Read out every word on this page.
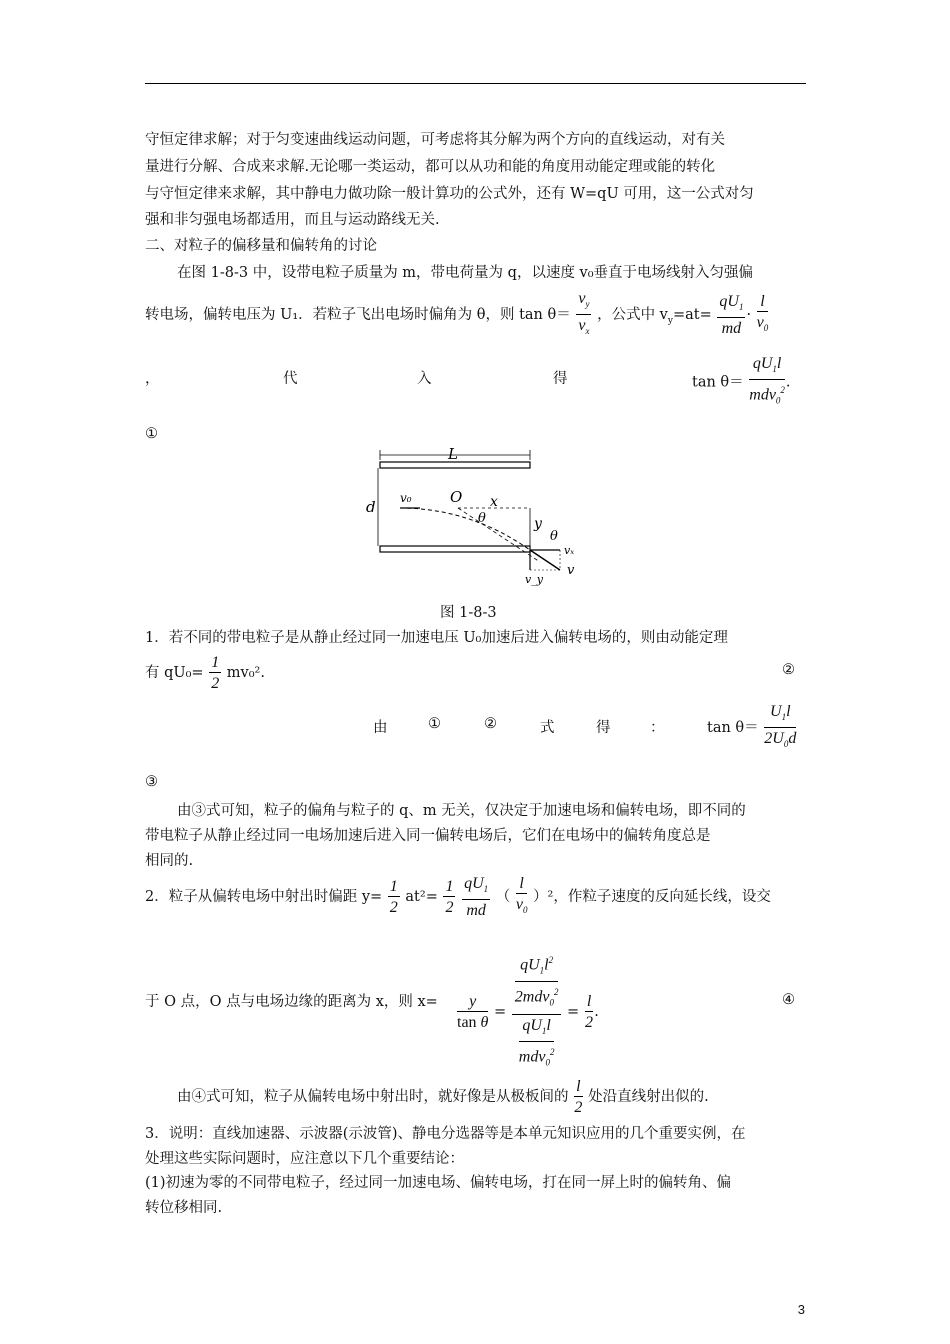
守恒定律求解；对于匀变速曲线运动问题，可考虑将其分解为两个方向的直线运动，对有关
量进行分解、合成来求解.无论哪一类运动，都可以从功和能的角度用动能定理或能的转化
与守恒定律来求解，其中静电力做功除一般计算功的公式外，还有 W=qU 可用，这一公式对匀
强和非匀强电场都适用，而且与运动路线无关.
二、对粒子的偏移量和偏转角的讨论
在图 1-8-3 中，设带电粒子质量为 m，带电荷量为 q，以速度 v₀垂直于电场线射入匀强偏
转电场，偏转电压为 U₁．若粒子飞出电场时偏角为 θ，则 $\tan \theta= \frac{v_y}{v_x}$ ，公式中 $v_y=at= \frac{qU_1}{md} \cdot \frac{l}{v_0}$
，	代	入	得	tan θ＝
$qU_1l$
mdv$_0^2$ .
①
L
d v₀	O x
θ	y
θ
vₓ
v_y
v
图 1-8-3
1．若不同的带电粒子是从静止经过同一加速电压 U₀加速后进入偏转电场的，则由动能定理
有 $qU_0= \frac{1}{2} mv_0^2$.	②
由	①	②	式	得	：	$\tan \theta= \frac{U_1l}{2U_0d}$
③
由③式可知，粒子的偏角与粒子的 q、m 无关，仅决定于加速电场和偏转电场，即不同的
带电粒子从静止经过同一电场加速后进入同一偏转电场后，它们在电场中的偏转角度总是
相同的.
2．粒子从偏转电场中射出时偏距 $y= \frac{1}{2} at^2= \frac{1}{2}$
$\frac{qU_1}{md}$ （ $\frac{l}{v_0} )^2$，作粒子速度的反向延长线，设交
于 O 点，O 点与电场边缘的距离为 x，则 x=	$\frac{y}{\text{tan θ}}$ =
$qU_1l^2$
2mdv$_0^2$
$qU_1l$
mdv$_0^2$
= $\frac{l}{2}$ .
④
由④式可知，粒子从偏转电场中射出时，就好像是从极板间的 $\frac{l}{2}$ 处沿直线射出似的.
3．说明：直线加速器、示波器(示波管)、静电分选器等是本单元知识应用的几个重要实例，在
处理这些实际问题时，应注意以下几个重要结论：
(1)初速为零的不同带电粒子，经过同一加速电场、偏转电场，打在同一屏上时的偏转角、偏
转位移相同.
3
